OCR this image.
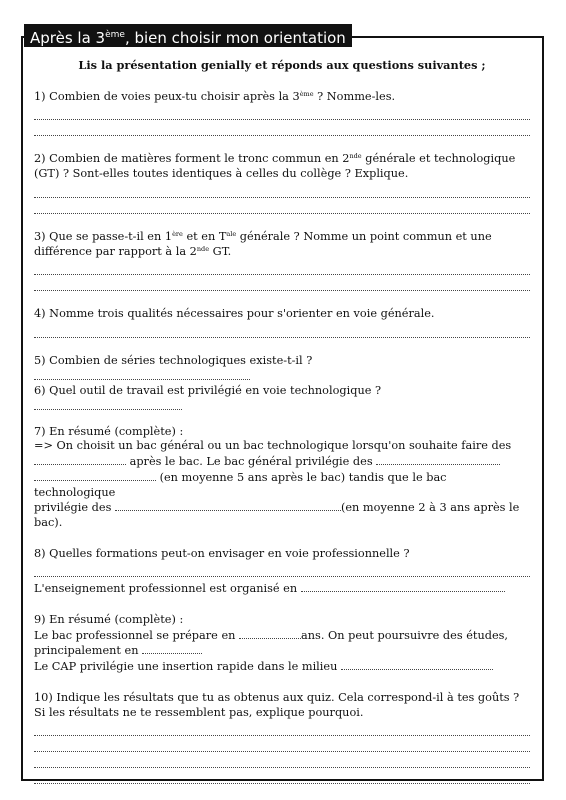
Après la 3ème, bien choisir mon orientation

Lis la présentation genially et réponds aux questions suivantes ;

1) Combien de voies peux-tu choisir après la 3ème ? Nomme-les.

2) Combien de matières forment le tronc commun en 2nde générale et technologique (GT) ? Sont-elles toutes identiques à celles du collège ? Explique.

3) Que se passe-t-il en 1ère et en $T^{ale}$ générale ? Nomme un point commun et une différence par rapport à la 2nde GT.

4) Nomme trois qualités nécessaires pour s'orienter en voie générale.

5) Combien de séries technologiques existe-t-il ?

6) Quel outil de travail est privilégié en voie technologique ?

7) En résumé (complète) :

=> On choisit un bac général ou un bac technologique lorsqu'on souhaite faire des
après le bac. Le bac général privilégie des
(en moyenne 5 ans après le bac) tandis que le bac technologique
privilégie des	(en moyenne 2 à 3 ans après le bac).

8) Quelles formations peut-on envisager en voie professionnelle ?

L'enseignement professionnel est organisé en

9) En résumé (complète) :

Le bac professionnel se prépare en	ans. On peut poursuivre des études,
principalement en
Le CAP privilégie une insertion rapide dans le milieu

10) Indique les résultats que tu as obtenus aux quiz. Cela correspond-il à tes goûts ? Si les résultats ne te ressemblent pas, explique pourquoi.
